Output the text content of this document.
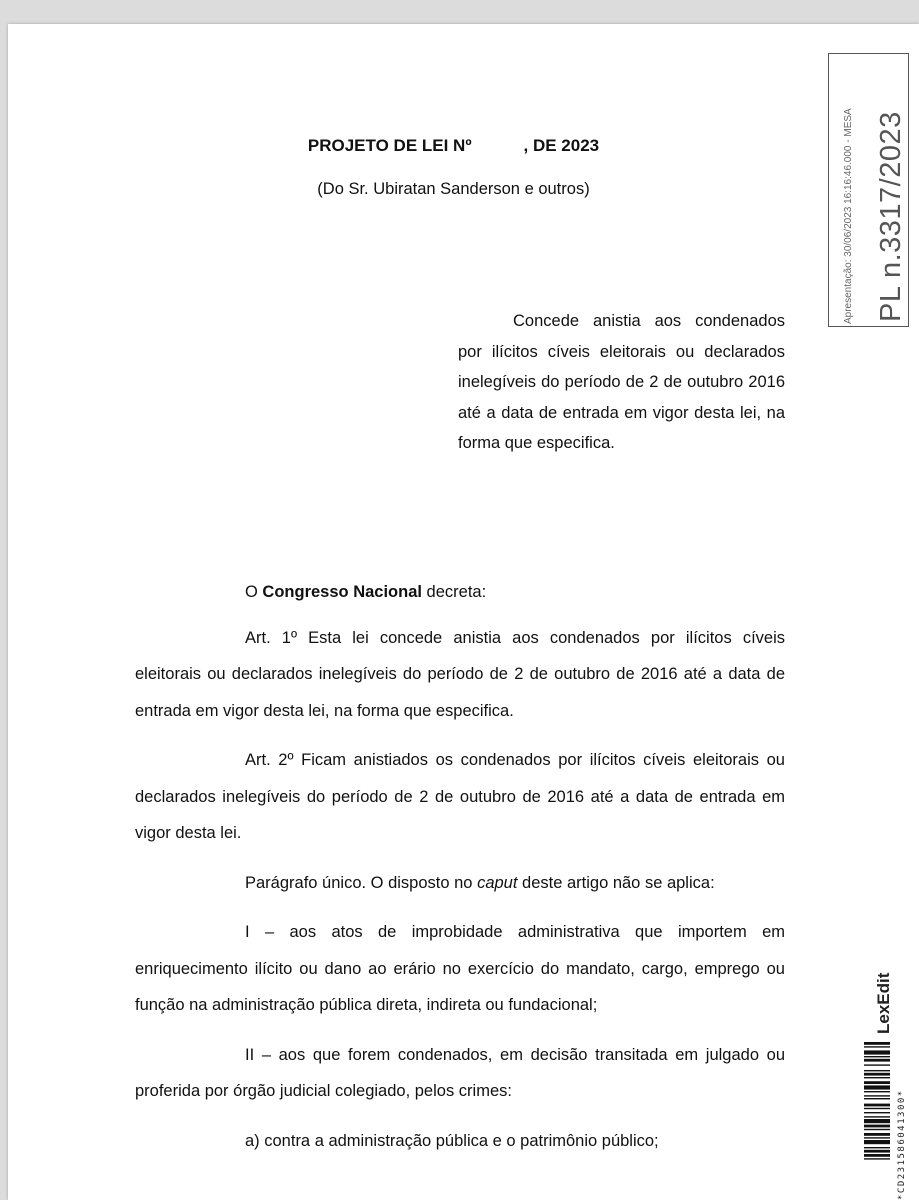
PROJETO DE LEI Nº           , DE 2023
(Do Sr. Ubiratan Sanderson e outros)
Concede anistia aos condenados por ilícitos cíveis eleitorais ou declarados inelegíveis do período de 2 de outubro 2016 até a data de entrada em vigor desta lei, na forma que especifica.

O Congresso Nacional decreta:

Art. 1º Esta lei concede anistia aos condenados por ilícitos cíveis eleitorais ou declarados inelegíveis do período de 2 de outubro de 2016 até a data de entrada em vigor desta lei, na forma que especifica.

Art. 2º Ficam anistiados os condenados por ilícitos cíveis eleitorais ou declarados inelegíveis do período de 2 de outubro de 2016 até a data de entrada em vigor desta lei.

Parágrafo único. O disposto no caput deste artigo não se aplica:

I – aos atos de improbidade administrativa que importem em enriquecimento ilícito ou dano ao erário no exercício do mandato, cargo, emprego ou função na administração pública direta, indireta ou fundacional;

II – aos que forem condenados, em decisão transitada em julgado ou proferida por órgão judicial colegiado, pelos crimes:

a) contra a administração pública e o patrimônio público;

Apresentação: 30/06/2023 16:16:46.000 - MESA PL n.3317/2023
LexEdit
*CD231586041300*
